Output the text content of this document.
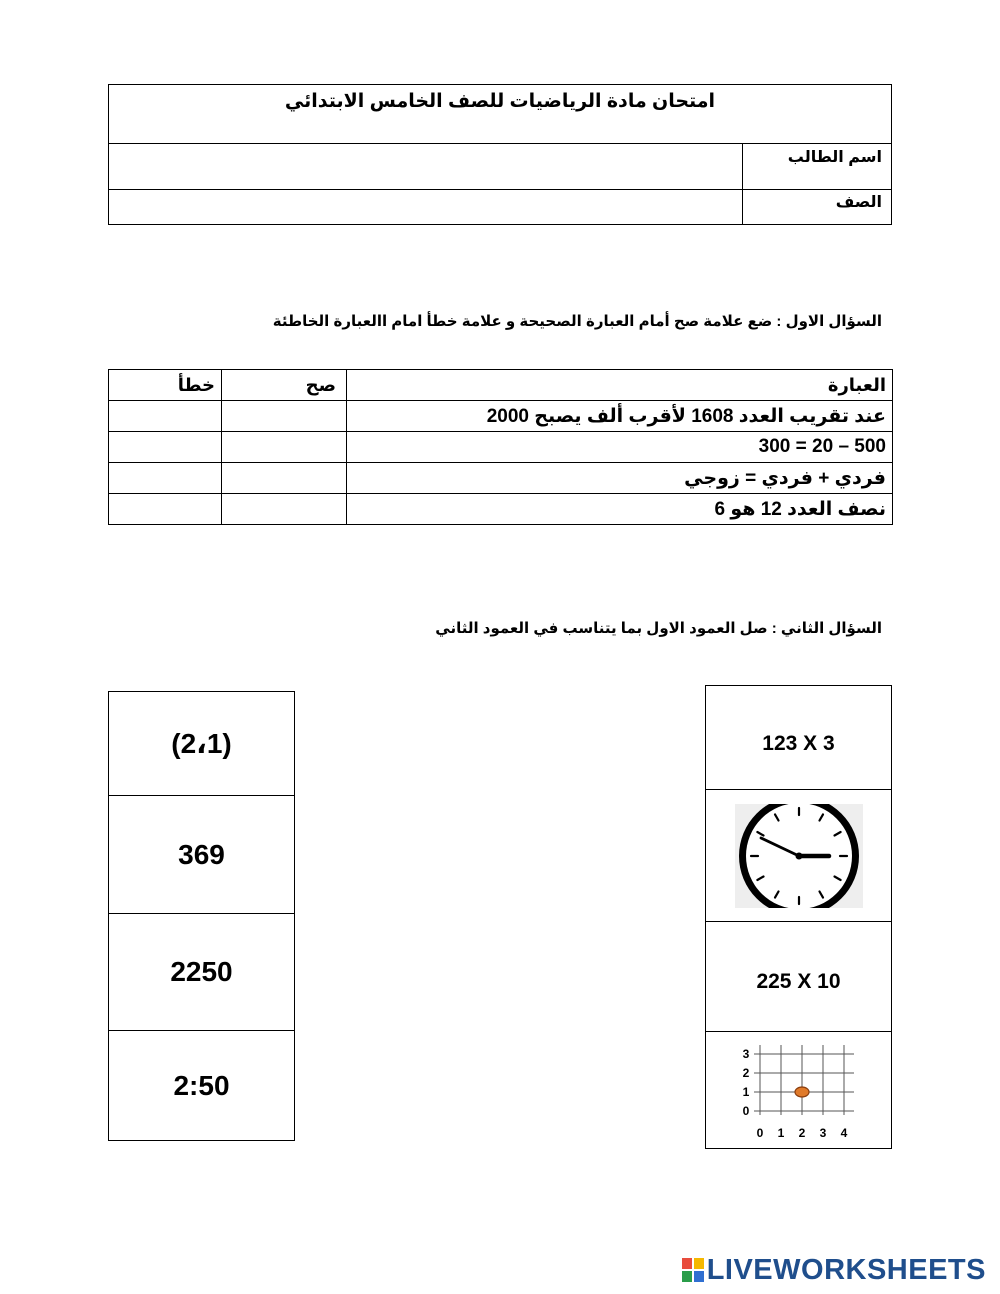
امتحان مادة الرياضيات للصف الخامس الابتدائي
اسم الطالب
الصف
السؤال الاول : ضع علامة صح أمام العبارة الصحيحة و علامة خطأ امام االعبارة الخاطئة
خطأ	صح	العبارة
		عند تقريب العدد 1608 لأقرب ألف يصبح 2000
		500 – 20 = 300
		فردي + فردي = زوجي
		نصف العدد 12 هو 6
السؤال الثاني : صل العمود الاول بما يتناسب في العمود الثاني
(2،1)
369
2250
2:50
123 X 3
225 X 10
0 1 2 3 4
3
2
1
0
LIVEWORKSHEETS
